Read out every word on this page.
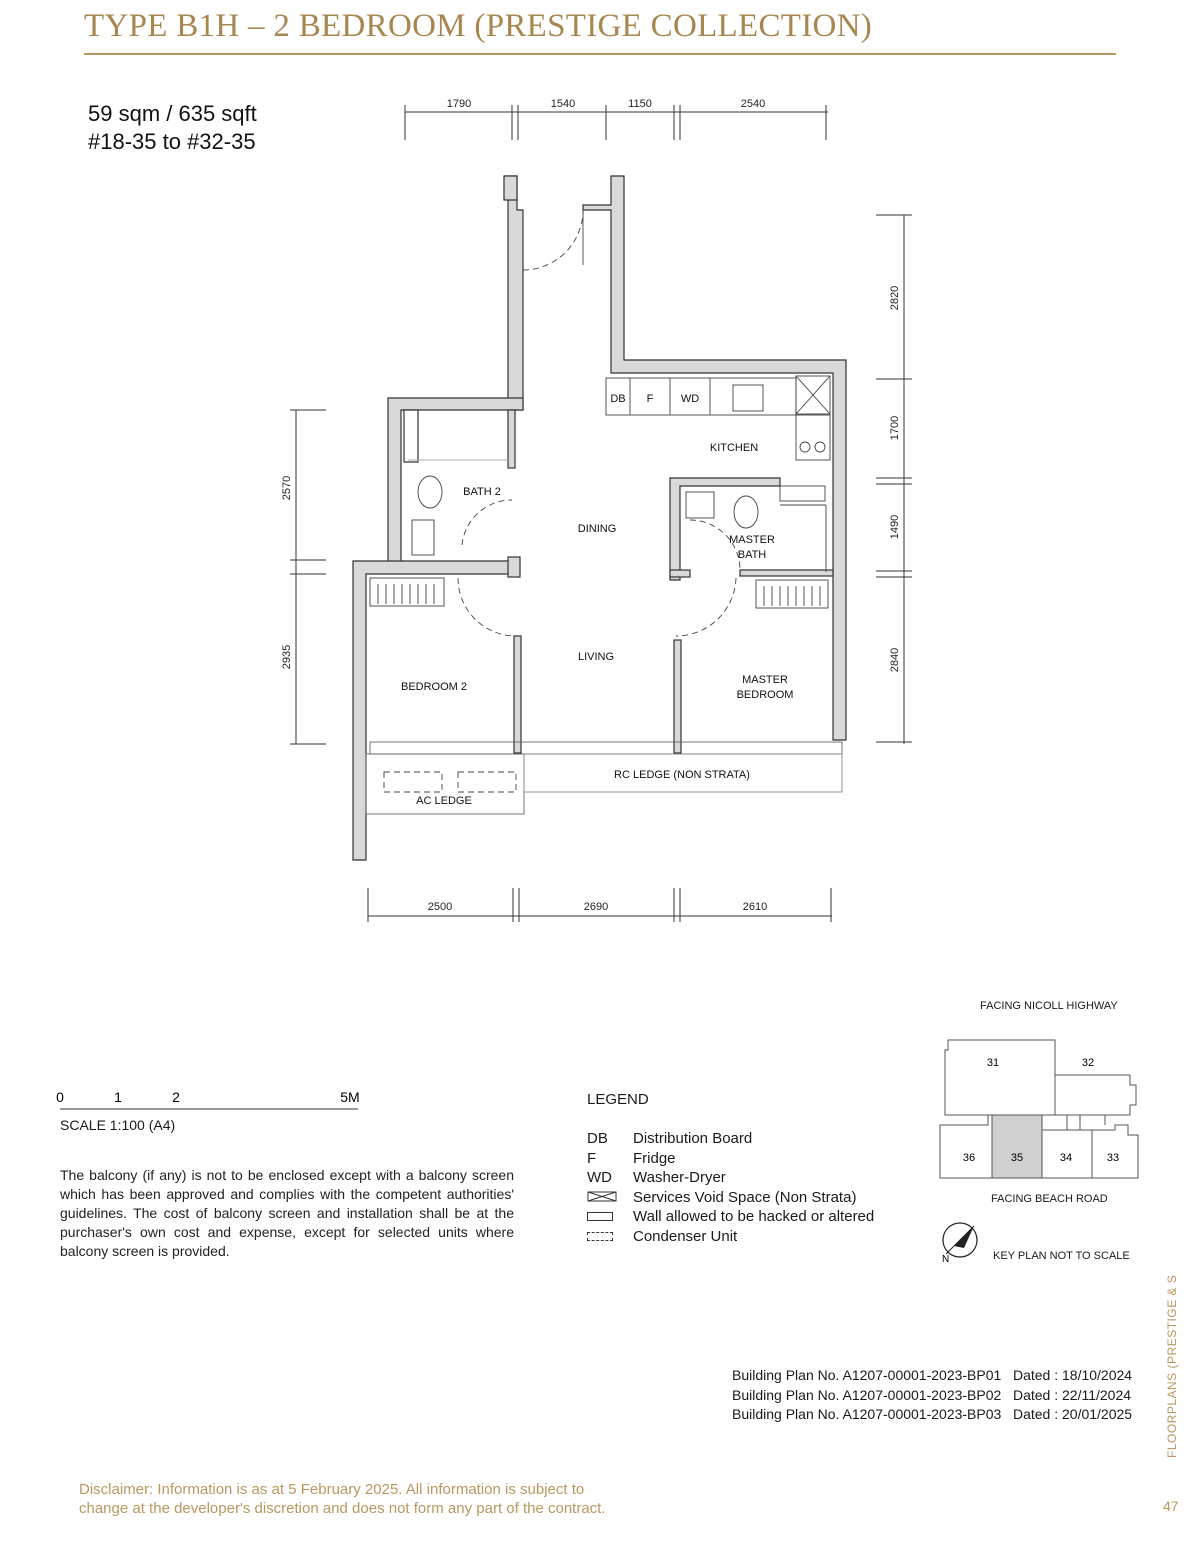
TYPE B1H – 2 BEDROOM (PRESTIGE COLLECTION)
59 sqm / 635 sqft
#18-35 to #32-35
1790	1540	1150	2540
2500	2690	2610
2570
2935
2820
1700
1490
2840
DB F WD
KITCHEN
DINING
LIVING
BATH 2
BEDROOM 2
MASTER
BATH
MASTER
BEDROOM
RC LEDGE (NON STRATA)
AC LEDGE
0	1	2	5M
SCALE 1:100 (A4)
The balcony (if any) is not to be enclosed except with a balcony screen which has been approved and complies with the competent authorities' guidelines. The cost of balcony screen and installation shall be at the purchaser's own cost and expense, except for selected units where balcony screen is provided.
LEGEND
DB	Distribution Board
F	Fridge
WD	Washer-Dryer
Services Void Space (Non Strata)
Wall allowed to be hacked or altered
Condenser Unit
FACING NICOLL HIGHWAY
31	32
36	35	34	33
FACING BEACH ROAD
N	KEY PLAN NOT TO SCALE
Building Plan No. A1207-00001-2023-BP01 Dated : 18/10/2024
Building Plan No. A1207-00001-2023-BP02 Dated : 22/11/2024
Building Plan No. A1207-00001-2023-BP03 Dated : 20/01/2025	FLOORPLANS (PRESTIGE & S
Disclaimer: Information is as at 5 February 2025. All information is subject to
change at the developer's discretion and does not form any part of the contract.	47
